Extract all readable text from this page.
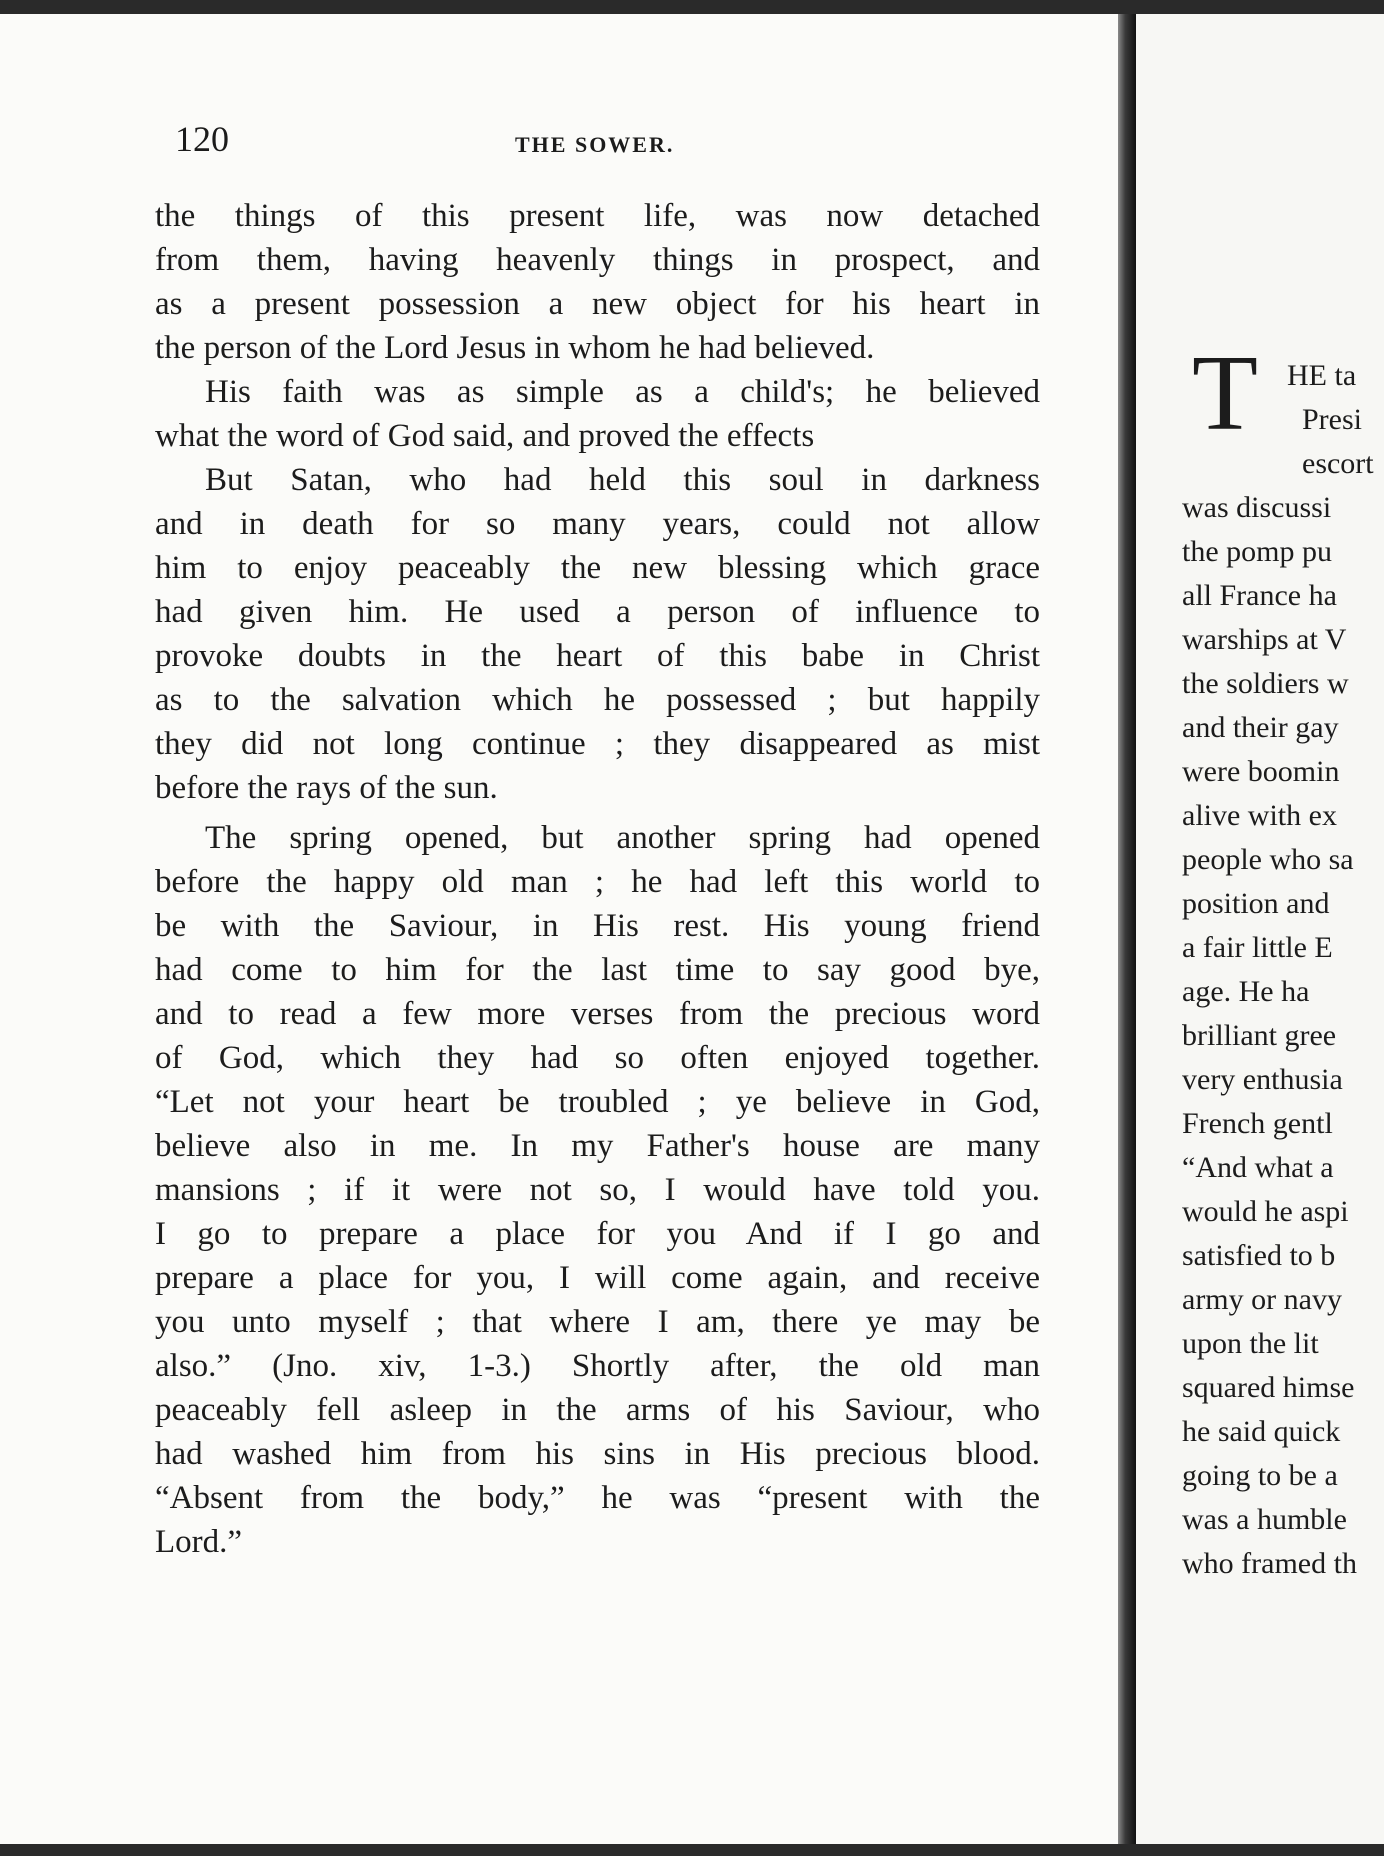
120	THE SOWER.
the things of this present life, was now detached
from them, having heavenly things in prospect, and
as a present possession a new object for his heart in
the person of the Lord Jesus in whom he had believed.
His faith was as simple as a child's; he believed
what the word of God said, and proved the effects
But Satan, who had held this soul in darkness
and in death for so many years, could not allow
him to enjoy peaceably the new blessing which grace
had given him. He used a person of influence to
provoke doubts in the heart of this babe in Christ
as to the salvation which he possessed ; but happily
they did not long continue ; they disappeared as mist
before the rays of the sun.
The spring opened, but another spring had opened
before the happy old man ; he had left this world to
be with the Saviour, in His rest. His young friend
had come to him for the last time to say good bye,
and to read a few more verses from the precious word
of God, which they had so often enjoyed together.
“Let not your heart be troubled ; ye believe in God,
believe also in me. In my Father's house are many
mansions ; if it were not so, I would have told you.
I go to prepare a place for you And if I go and
prepare a place for you, I will come again, and receive
you unto myself ; that where I am, there ye may be
also.” (Jno. xiv, 1-3.) Shortly after, the old man
peaceably fell asleep in the arms of his Saviour, who
had washed him from his sins in His precious blood.
“Absent from the body,” he was “present with the
Lord.”
T HE ta
Presi
escort
was discussi
the pomp pu
all France ha
warships at V
the soldiers w
and their gay
were boomin
alive with ex
people who sa
position and
a fair little E
age. He ha
brilliant gree
very enthusia
French gentl
“And what a
would he aspi
satisfied to b
army or navy
upon the lit
squared himse
he said quick
going to be a
was a humble
who framed th
